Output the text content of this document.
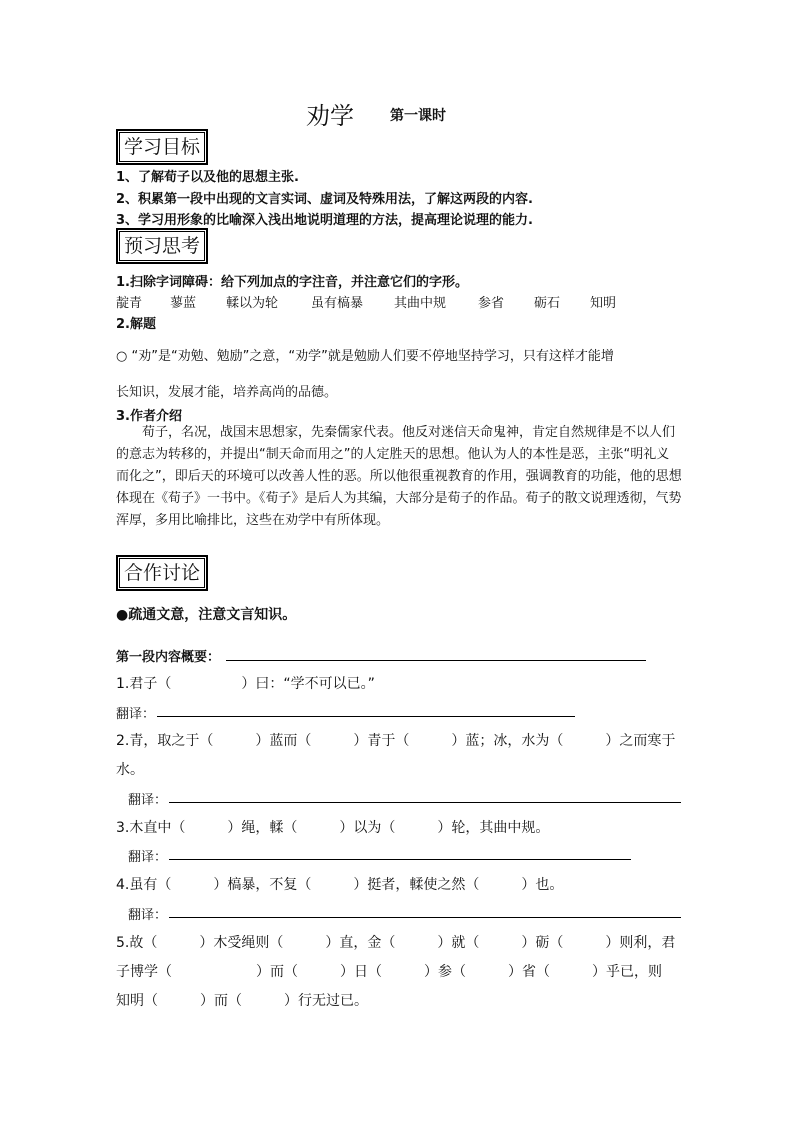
劝学	第一课时
学习目标
1、了解荀子以及他的思想主张.
2、积累第一段中出现的文言实词、虚词及特殊用法，了解这两段的内容.
3、学习用形象的比喻深入浅出地说明道理的方法，提高理论说理的能力.
预习思考
1.扫除字词障碍：给下列加点的字注音，并注意它们的字形。
靛青 蓼蓝 輮以为轮	虽有槁暴 其曲中规 参省 砺石 知明
2.解题
○ “劝”是“劝勉、勉励”之意，“劝学”就是勉励人们要不停地坚持学习，只有这样才能增
长知识，发展才能，培养高尚的品德。
3.作者介绍

荀子，名况，战国末思想家，先秦儒家代表。他反对迷信天命鬼神，肯定自然规律是不以人们的意志为转移的，并提出“制天命而用之”的人定胜天的思想。他认为人的本性是恶，主张“明礼义而化之”，即后天的环境可以改善人性的恶。所以他很重视教育的作用，强调教育的功能，他的思想体现在《荀子》一书中。《荀子》是后人为其编，大部分是荀子的作品。荀子的散文说理透彻，气势浑厚，多用比喻排比，这些在劝学中有所体现。

合作讨论
●疏通文意，注意文言知识。
第一段内容概要：
1.君子（　　　　　）曰：“学不可以已。”
翻译：
2.青，取之于（　　　）蓝而（　　　）青于（　　　）蓝；冰，水为（　　　）之而寒于
水。
翻译：
3.木直中（　　　）绳，輮（　　　）以为（　　　）轮，其曲中规。
翻译：
4.虽有（　　　）槁暴，不复（　　　）挺者，輮使之然（　　　）也。
翻译：
5.故（　　　）木受绳则（　　　）直，金（　　　）就（　　　）砺（　　　）则利，君
子博学（　　　　　　）而（　　　）日（　　　）参（　　　）省（　　　）乎已，则
知明（　　　）而（　　　）行无过已。
